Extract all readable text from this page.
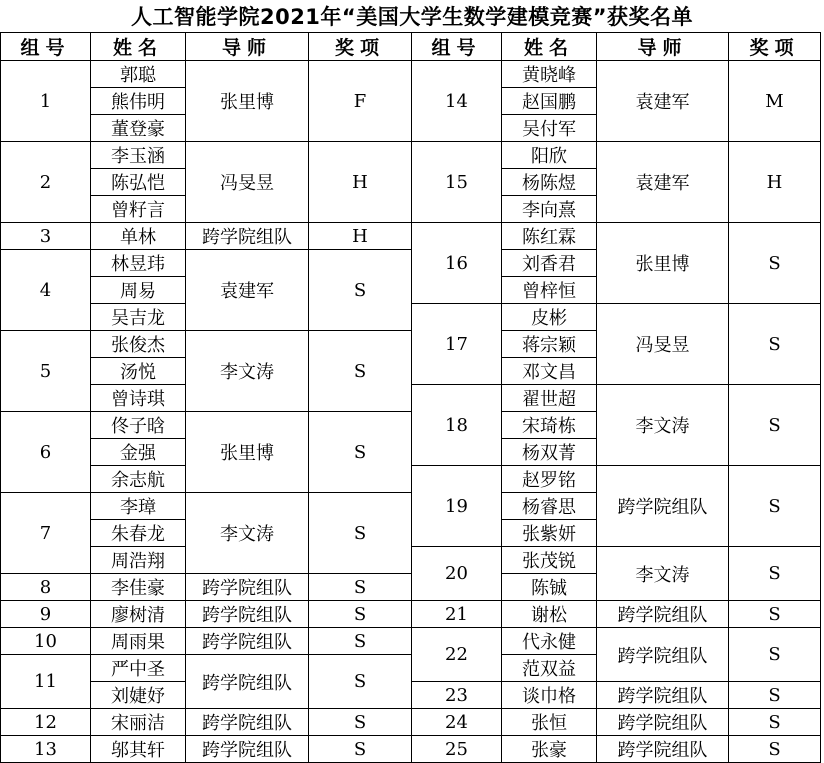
人工智能学院2021年“美国大学生数学建模竞赛”获奖名单
组号	姓名	导师	奖项	组号	姓名	导师	奖项
1	郭聪	张里博	F	14	黄晓峰	袁建军	M
	熊伟明				赵国鹏		
	董登豪				吴付军		
2	李玉涵	冯旻昱	H	15	阳欣	袁建军	H
	陈弘恺				杨陈煜		
	曾籽言				李向熹		
3	单林	跨学院组队	H	16	陈红霖	张里博	S
4	林昱玮	袁建军	S		刘香君		
	周易				曾梓恒		
	吴吉龙			17	皮彬	冯旻昱	S
5	张俊杰	李文涛	S		蒋宗颖		
	汤悦				邓文昌		
	曾诗琪			18	翟世超	李文涛	S
6	佟子晗	张里博	S		宋琦栋		
	金强				杨双菁		
	余志航			19	赵罗铭	跨学院组队	S
7	李璋	李文涛	S		杨睿思		
	朱春龙				张紫妍		
	周浩翔			20	张茂锐	李文涛	S
8	李佳豪	跨学院组队	S		陈铖		
9	廖树清	跨学院组队	S	21	谢松	跨学院组队	S
10	周雨果	跨学院组队	S	22	代永健	跨学院组队	S
11	严中圣	跨学院组队	S		范双益		
	刘婕妤			23	谈巾格	跨学院组队	S
12	宋丽洁	跨学院组队	S	24	张恒	跨学院组队	S
13	邬其轩	跨学院组队	S	25	张豪	跨学院组队	S
